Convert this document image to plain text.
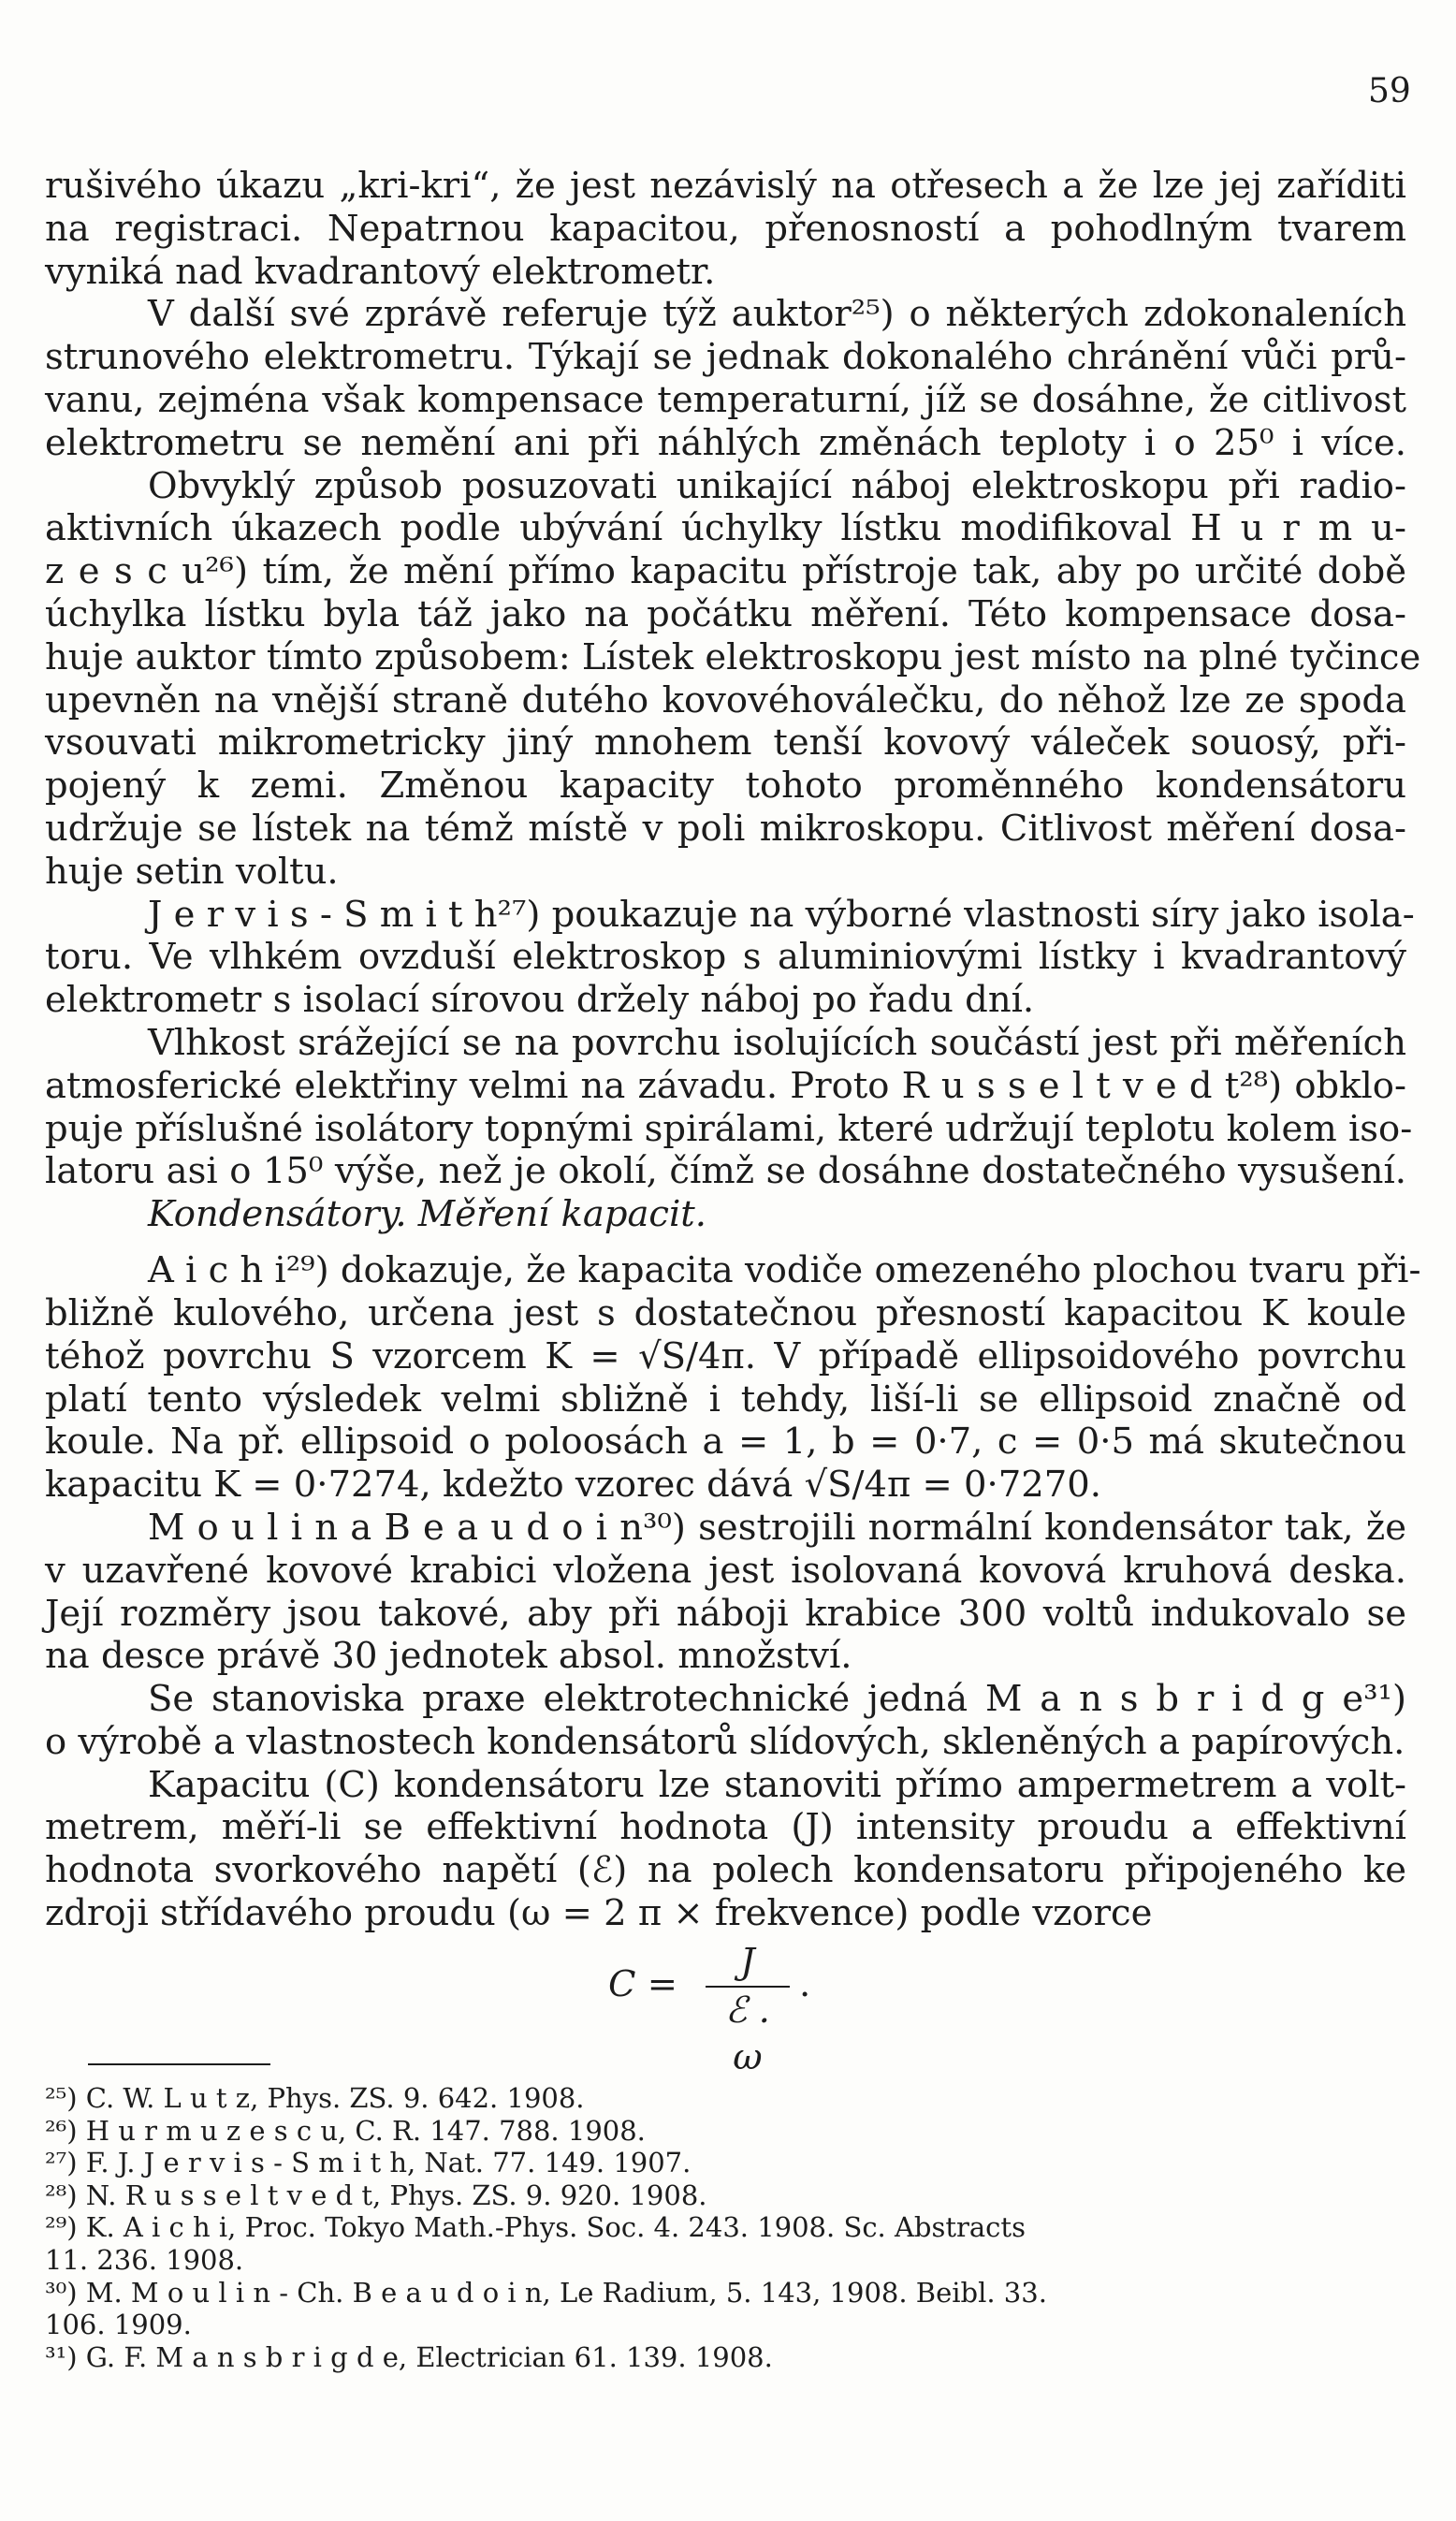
59
rušivého úkazu „kri-kri“, že jest nezávislý na otřesech a že lze jej zaříditi
na registraci. Nepatrnou kapacitou, přenosností a pohodlným tvarem
vyniká nad kvadrantový elektrometr.
V další své zprávě referuje týž auktor²⁵) o některých zdokonaleních
strunového elektrometru. Týkají se jednak dokonalého chránění vůči prů-
vanu, zejména však kompensace temperaturní, jíž se dosáhne, že citlivost
elektrometru se nemění ani při náhlých změnách teploty i o 25⁰ i více.
Obvyklý způsob posuzovati unikající náboj elektroskopu při radio-
aktivních úkazech podle ubývání úchylky lístku modifikoval H u r m u-
z e s c u²⁶) tím, že mění přímo kapacitu přístroje tak, aby po určité době
úchylka lístku byla táž jako na počátku měření. Této kompensace dosa-
huje auktor tímto způsobem: Lístek elektroskopu jest místo na plné tyčince
upevněn na vnější straně dutého kovovéhoválečku, do něhož lze ze spoda
vsouvati mikrometricky jiný mnohem tenší kovový váleček souosý, při-
pojený k zemi. Změnou kapacity tohoto proměnného kondensátoru
udržuje se lístek na témž místě v poli mikroskopu. Citlivost měření dosa-
huje setin voltu.
J e r v i s - S m i t h²⁷) poukazuje na výborné vlastnosti síry jako isola-
toru. Ve vlhkém ovzduší elektroskop s aluminiovými lístky i kvadrantový
elektrometr s isolací sírovou držely náboj po řadu dní.
Vlhkost srážející se na povrchu isolujících součástí jest při měřeních
atmosferické elektřiny velmi na závadu. Proto R u s s e l t v e d t²⁸) obklo-
puje příslušné isolátory topnými spirálami, které udržují teplotu kolem iso-
latoru asi o 15⁰ výše, než je okolí, čímž se dosáhne dostatečného vysušení.
Kondensátory. Měření kapacit.
A i c h i²⁹) dokazuje, že kapacita vodiče omezeného plochou tvaru při-
bližně kulového, určena jest s dostatečnou přesností kapacitou K koule
téhož povrchu S vzorcem K = √S/4π. V případě ellipsoidového povrchu
platí tento výsledek velmi sbližně i tehdy, liší-li se ellipsoid značně od
koule. Na př. ellipsoid o poloosách a = 1, b = 0·7, c = 0·5 má skutečnou
kapacitu K = 0·7274, kdežto vzorec dává √S/4π = 0·7270.
M o u l i n a B e a u d o i n³⁰) sestrojili normální kondensátor tak, že
v uzavřené kovové krabici vložena jest isolovaná kovová kruhová deska.
Její rozměry jsou takové, aby při náboji krabice 300 voltů indukovalo se
na desce právě 30 jednotek absol. množství.
Se stanoviska praxe elektrotechnické jedná M a n s b r i d g e³¹)
o výrobě a vlastnostech kondensátorů slídových, skleněných a papírových.
Kapacitu (C) kondensátoru lze stanoviti přímo ampermetrem a volt-
metrem, měří-li se effektivní hodnota (J) intensity proudu a effektivní
hodnota svorkového napětí (ℰ) na polech kondensatoru připojeného ke
zdroji střídavého proudu (ω = 2 π × frekvence) podle vzorce
C =
J
ℰ . ω
.
²⁵) C. W. L u t z, Phys. ZS. 9. 642. 1908.
²⁶) H u r m u z e s c u, C. R. 147. 788. 1908.
²⁷) F. J. J e r v i s - S m i t h, Nat. 77. 149. 1907.
²⁸) N. R u s s e l t v e d t, Phys. ZS. 9. 920. 1908.
²⁹) K. A i c h i, Proc. Tokyo Math.-Phys. Soc. 4. 243. 1908. Sc. Abstracts
11. 236. 1908.
³⁰) M. M o u l i n - Ch. B e a u d o i n, Le Radium, 5. 143, 1908. Beibl. 33.
106. 1909.
³¹) G. F. M a n s b r i g d e, Electrician 61. 139. 1908.
